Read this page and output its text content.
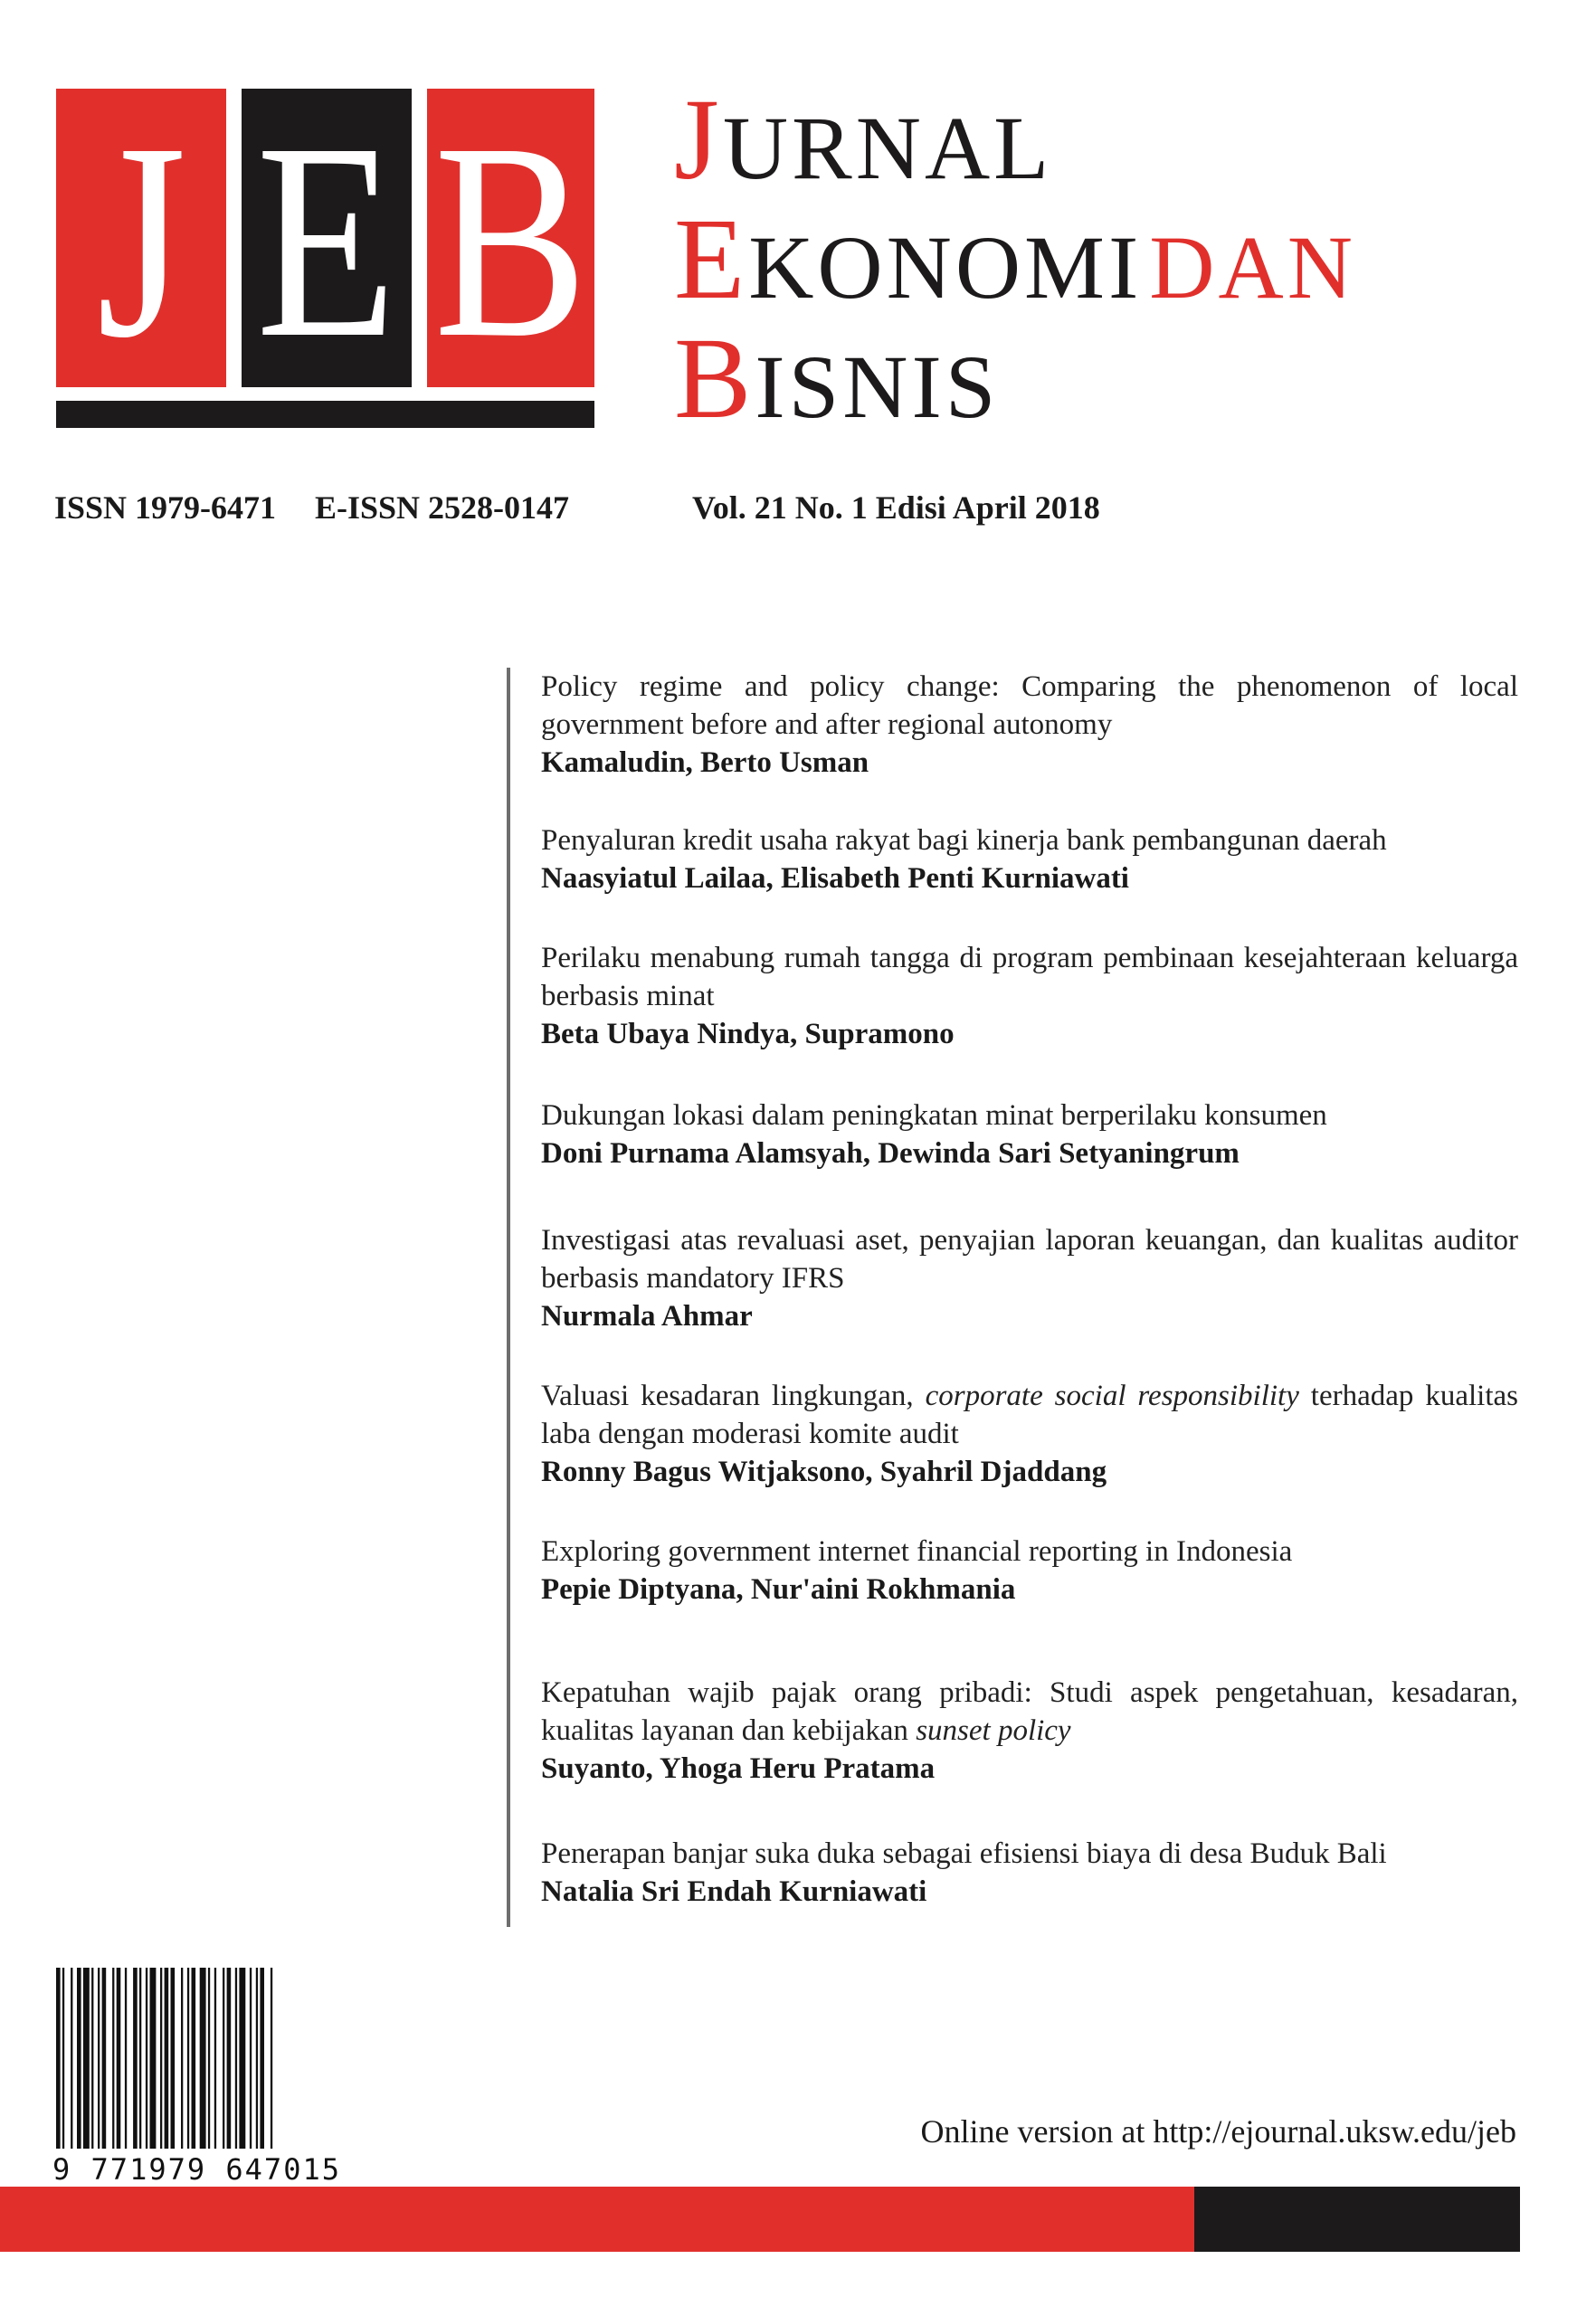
J E B JURNAL
EKONOMI DAN
BISNIS
ISSN 1979-6471 E-ISSN 2528-0147	Vol. 21 No. 1 Edisi April 2018
Policy regime and policy change: Comparing the phenomenon of local government before and after regional autonomy
Kamaludin, Berto Usman
Penyaluran kredit usaha rakyat bagi kinerja bank pembangunan daerah
Naasyiatul Lailaa, Elisabeth Penti Kurniawati
Perilaku menabung rumah tangga di program pembinaan kesejahteraan keluarga berbasis minat
Beta Ubaya Nindya, Supramono
Dukungan lokasi dalam peningkatan minat berperilaku konsumen
Doni Purnama Alamsyah, Dewinda Sari Setyaningrum
Investigasi atas revaluasi aset, penyajian laporan keuangan, dan kualitas auditor berbasis mandatory IFRS
Nurmala Ahmar
Valuasi kesadaran lingkungan, corporate social responsibility terhadap kualitas laba dengan moderasi komite audit
Ronny Bagus Witjaksono, Syahril Djaddang
Exploring government internet financial reporting in Indonesia
Pepie Diptyana, Nur'aini Rokhmania
Kepatuhan wajib pajak orang pribadi: Studi aspek pengetahuan, kesadaran, kualitas layanan dan kebijakan sunset policy
Suyanto, Yhoga Heru Pratama
Penerapan banjar suka duka sebagai efisiensi biaya di desa Buduk Bali
Natalia Sri Endah Kurniawati
9 771979 647015
Online version at http://ejournal.uksw.edu/jeb
